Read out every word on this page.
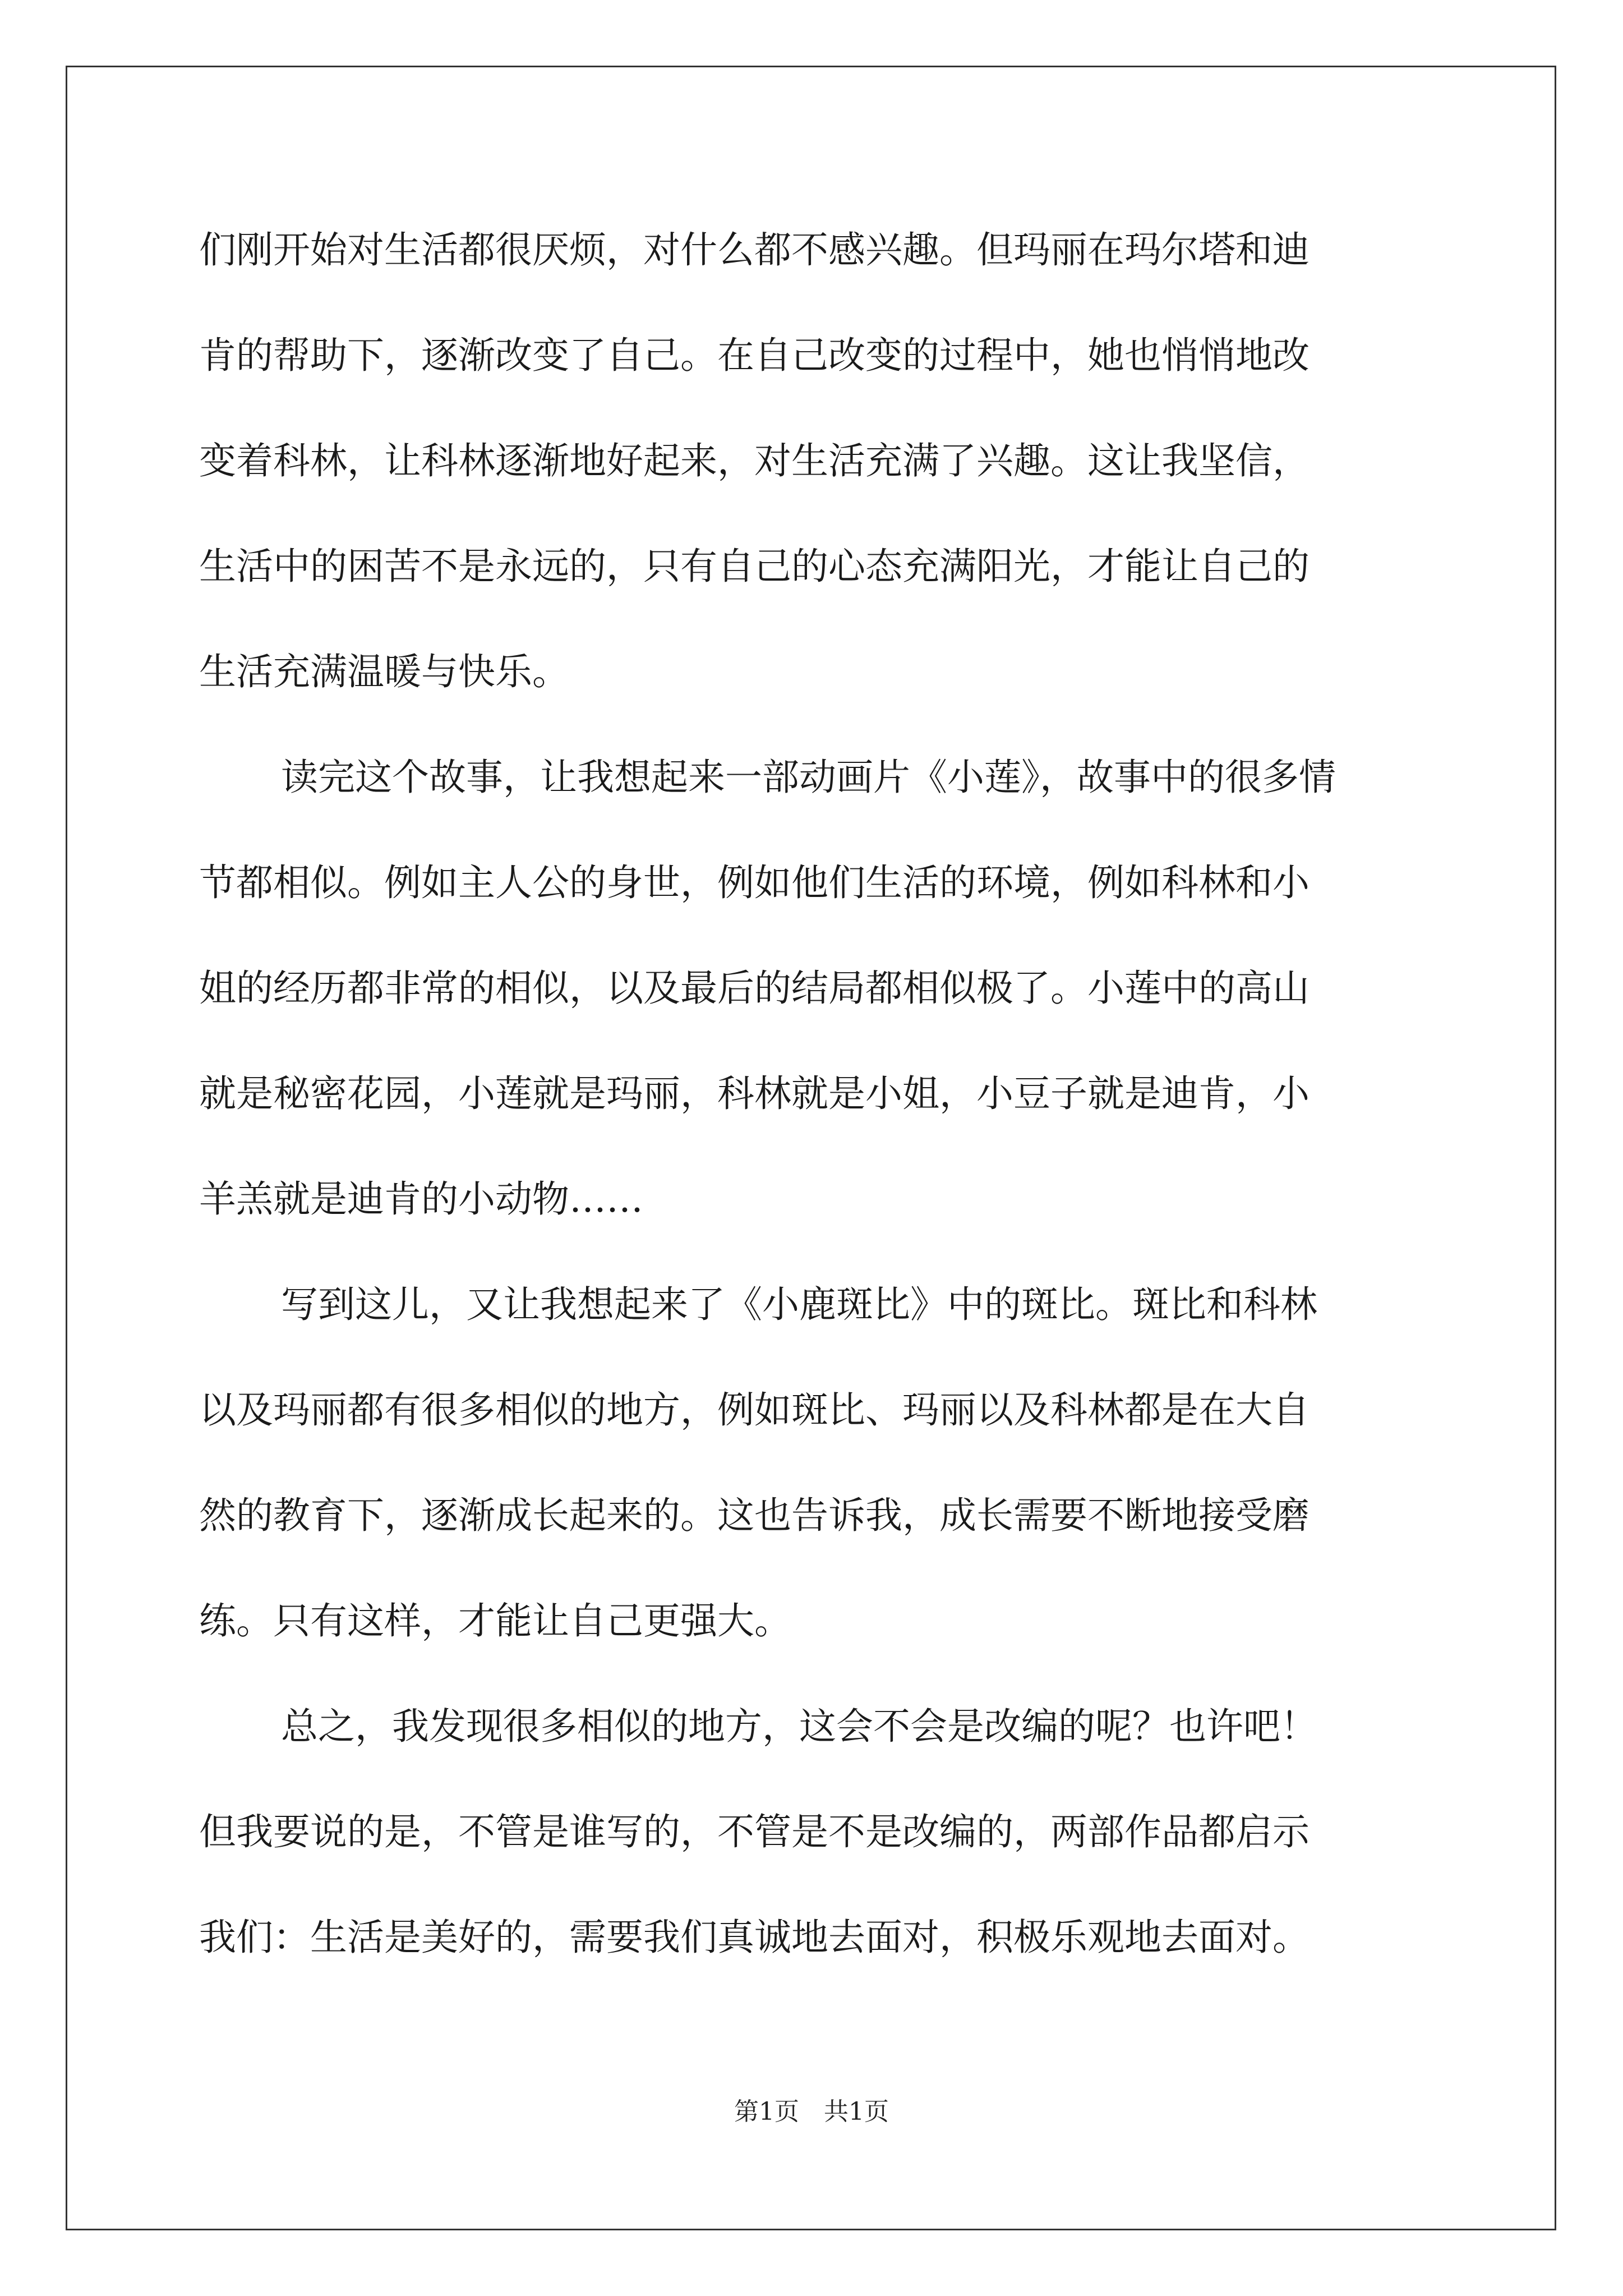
们刚开始对生活都很厌烦，对什么都不感兴趣。但玛丽在玛尔塔和迪
肯的帮助下，逐渐改变了自己。在自己改变的过程中，她也悄悄地改
变着科林，让科林逐渐地好起来，对生活充满了兴趣。这让我坚信，
生活中的困苦不是永远的，只有自己的心态充满阳光，才能让自己的
生活充满温暖与快乐。
读完这个故事，让我想起来一部动画片《小莲》，故事中的很多情
节都相似。例如主人公的身世，例如他们生活的环境，例如科林和小
姐的经历都非常的相似，以及最后的结局都相似极了。小莲中的高山
就是秘密花园，小莲就是玛丽，科林就是小姐，小豆子就是迪肯，小
羊羔就是迪肯的小动物……
写到这儿，又让我想起来了《小鹿斑比》中的斑比。斑比和科林
以及玛丽都有很多相似的地方，例如斑比、玛丽以及科林都是在大自
然的教育下，逐渐成长起来的。这也告诉我，成长需要不断地接受磨
练。只有这样，才能让自己更强大。
总之，我发现很多相似的地方，这会不会是改编的呢？也许吧！
但我要说的是，不管是谁写的，不管是不是改编的，两部作品都启示
我们：生活是美好的，需要我们真诚地去面对，积极乐观地去面对。
第1页　共1页
